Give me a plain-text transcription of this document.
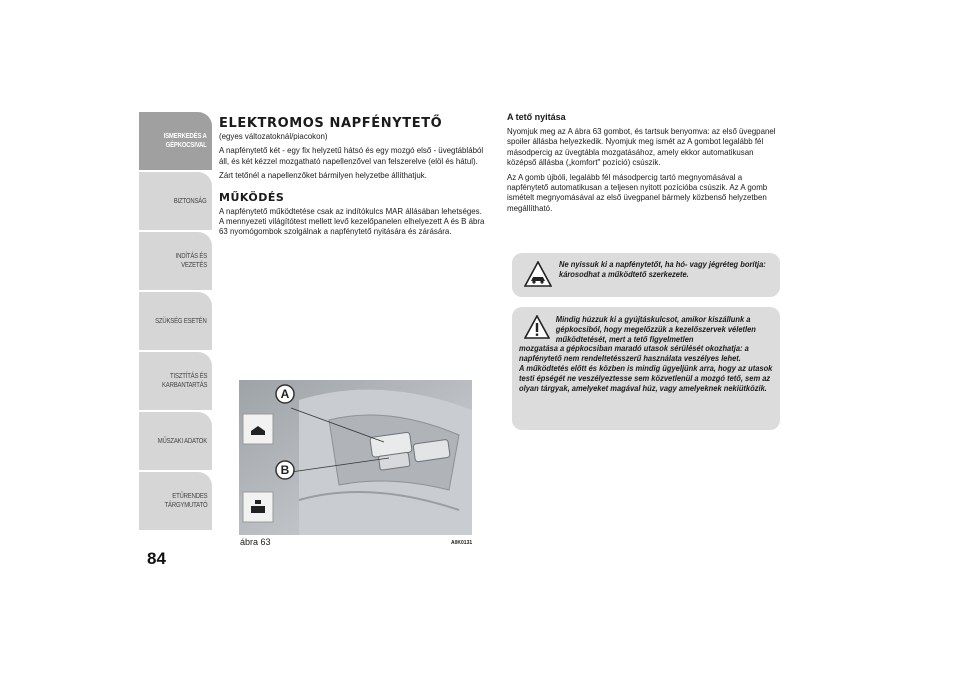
ISMERKEDÉS A
GÉPKOCSIVAL
BIZTONSÁG
INDÍTÁS ÉS VEZETÉS
SZÜKSÉG ESETÉN
TISZTÍTÁS ÉS
KARBANTARTÁS
MŰSZAKI ADATOK
ETŰRENDES
TÁRGYMUTATÓ
84
ELEKTROMOS NAPFÉNYTETŐ

(egyes változatoknál/piacokon)

A napfénytető két - egy fix helyzetű hátsó és egy mozgó első - üvegtáblából áll, és két kézzel mozgatható napellenzővel van felszerelve (elöl és hátul).

Zárt tetőnél a napellenzőket bármilyen helyzetbe állíthatjuk.

MŰKÖDÉS

A napfénytető működtetése csak az indítókulcs MAR állásában lehetséges. A mennyezeti világítótest mellett levő kezelőpanelen elhelyezett A és B ábra 63 nyomógombok szolgálnak a napfénytető nyitására és zárására.

A
B
ábra 63	A0K0131
A tető nyitása

Nyomjuk meg az A ábra 63 gombot, és tartsuk benyomva: az első üvegpanel spoiler állásba helyezkedik. Nyomjuk meg ismét az A gombot legalább fél másodpercig az üvegtábla mozgatásához, amely ekkor automatikusan középső állásba („komfort" pozíció) csúszik.

Az A gomb újbóli, legalább fél másodpercig tartó megnyomásával a napfénytető automatikusan a teljesen nyitott pozícióba csúszik. Az A gomb ismételt megnyomásával az első üvegpanel bármely közbenső helyzetben megállítható.

Ne nyissuk ki a napfénytetőt, ha hó- vagy jégréteg borítja: károsodhat a működtető szerkezete.

Mindig húzzuk ki a gyújtáskulcsot, amikor kiszállunk a gépkocsiból, hogy megelőzzük a kezelőszervek véletlen működtetését, mert a tető figyelmetlen

mozgatása a gépkocsiban maradó utasok sérülését okozhatja: a napfénytető nem rendeltetésszerű használata veszélyes lehet.

A működtetés előtt és közben is mindig ügyeljünk arra, hogy az utasok testi épségét ne veszélyeztesse sem közvetlenül a mozgó tető, sem az olyan tárgyak, amelyeket magával húz, vagy amelyeknek nekiütközik.
